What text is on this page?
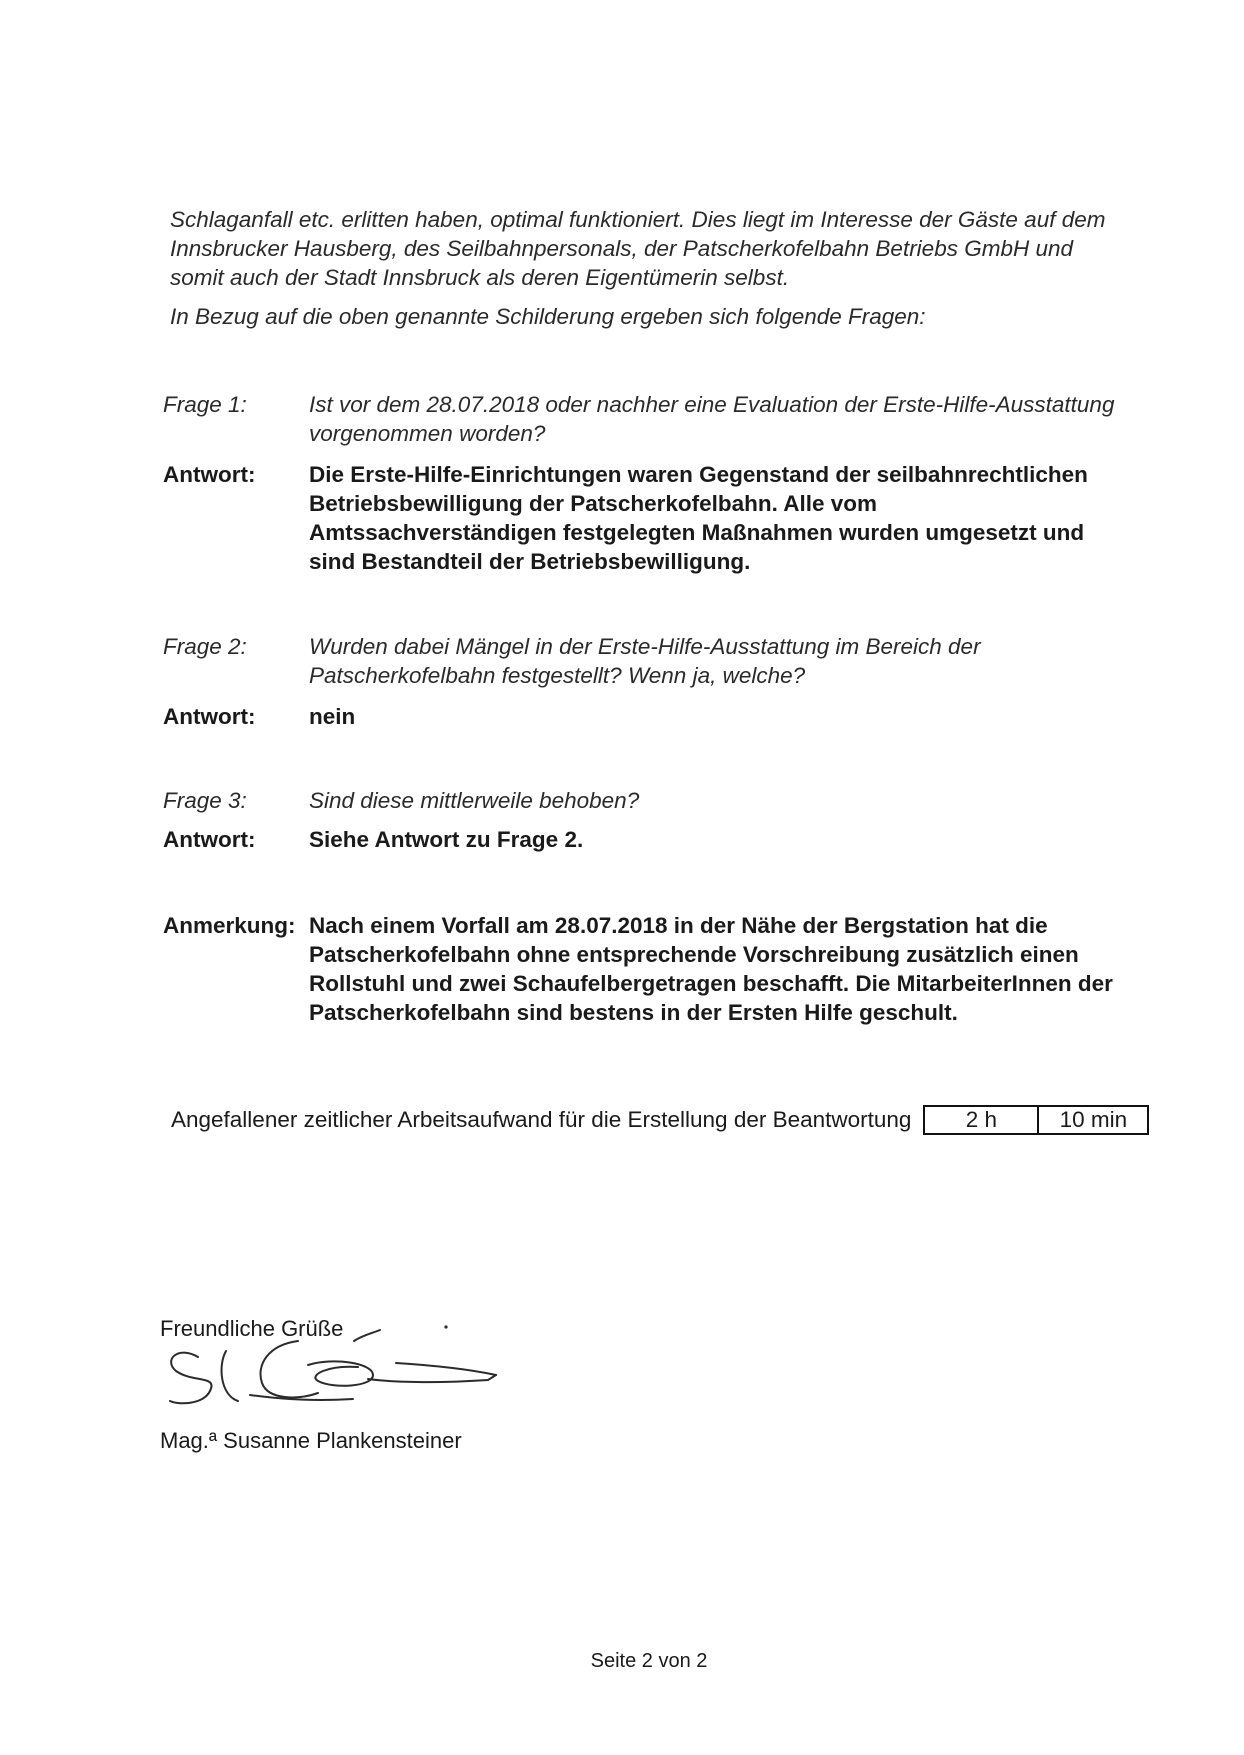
Schlaganfall etc. erlitten haben, optimal funktioniert. Dies liegt im Interesse der Gäste auf dem Innsbrucker Hausberg, des Seilbahnpersonals, der Patscherkofelbahn Betriebs GmbH und somit auch der Stadt Innsbruck als deren Eigentümerin selbst.

In Bezug auf die oben genannte Schilderung ergeben sich folgende Fragen:

Frage 1:	Ist vor dem 28.07.2018 oder nachher eine Evaluation der Erste-Hilfe-Ausstattung vorgenommen worden?
Antwort:	Die Erste-Hilfe-Einrichtungen waren Gegenstand der seilbahnrechtlichen Betriebsbewilligung der Patscherkofelbahn. Alle vom Amtssachverständigen festgelegten Maßnahmen wurden umgesetzt und sind Bestandteil der Betriebsbewilligung.
Frage 2:	Wurden dabei Mängel in der Erste-Hilfe-Ausstattung im Bereich der Patscherkofelbahn festgestellt? Wenn ja, welche?
Antwort:	nein
Frage 3:	Sind diese mittlerweile behoben?
Antwort:	Siehe Antwort zu Frage 2.
Anmerkung: Nach einem Vorfall am 28.07.2018 in der Nähe der Bergstation hat die Patscherkofelbahn ohne entsprechende Vorschreibung zusätzlich einen Rollstuhl und zwei Schaufelbergetragen beschafft. Die MitarbeiterInnen der Patscherkofelbahn sind bestens in der Ersten Hilfe geschult.
Angefallener zeitlicher Arbeitsaufwand für die Erstellung der Beantwortung	2 h	10 min
Freundliche Grüße
Mag.ª Susanne Plankensteiner
Seite 2 von 2
